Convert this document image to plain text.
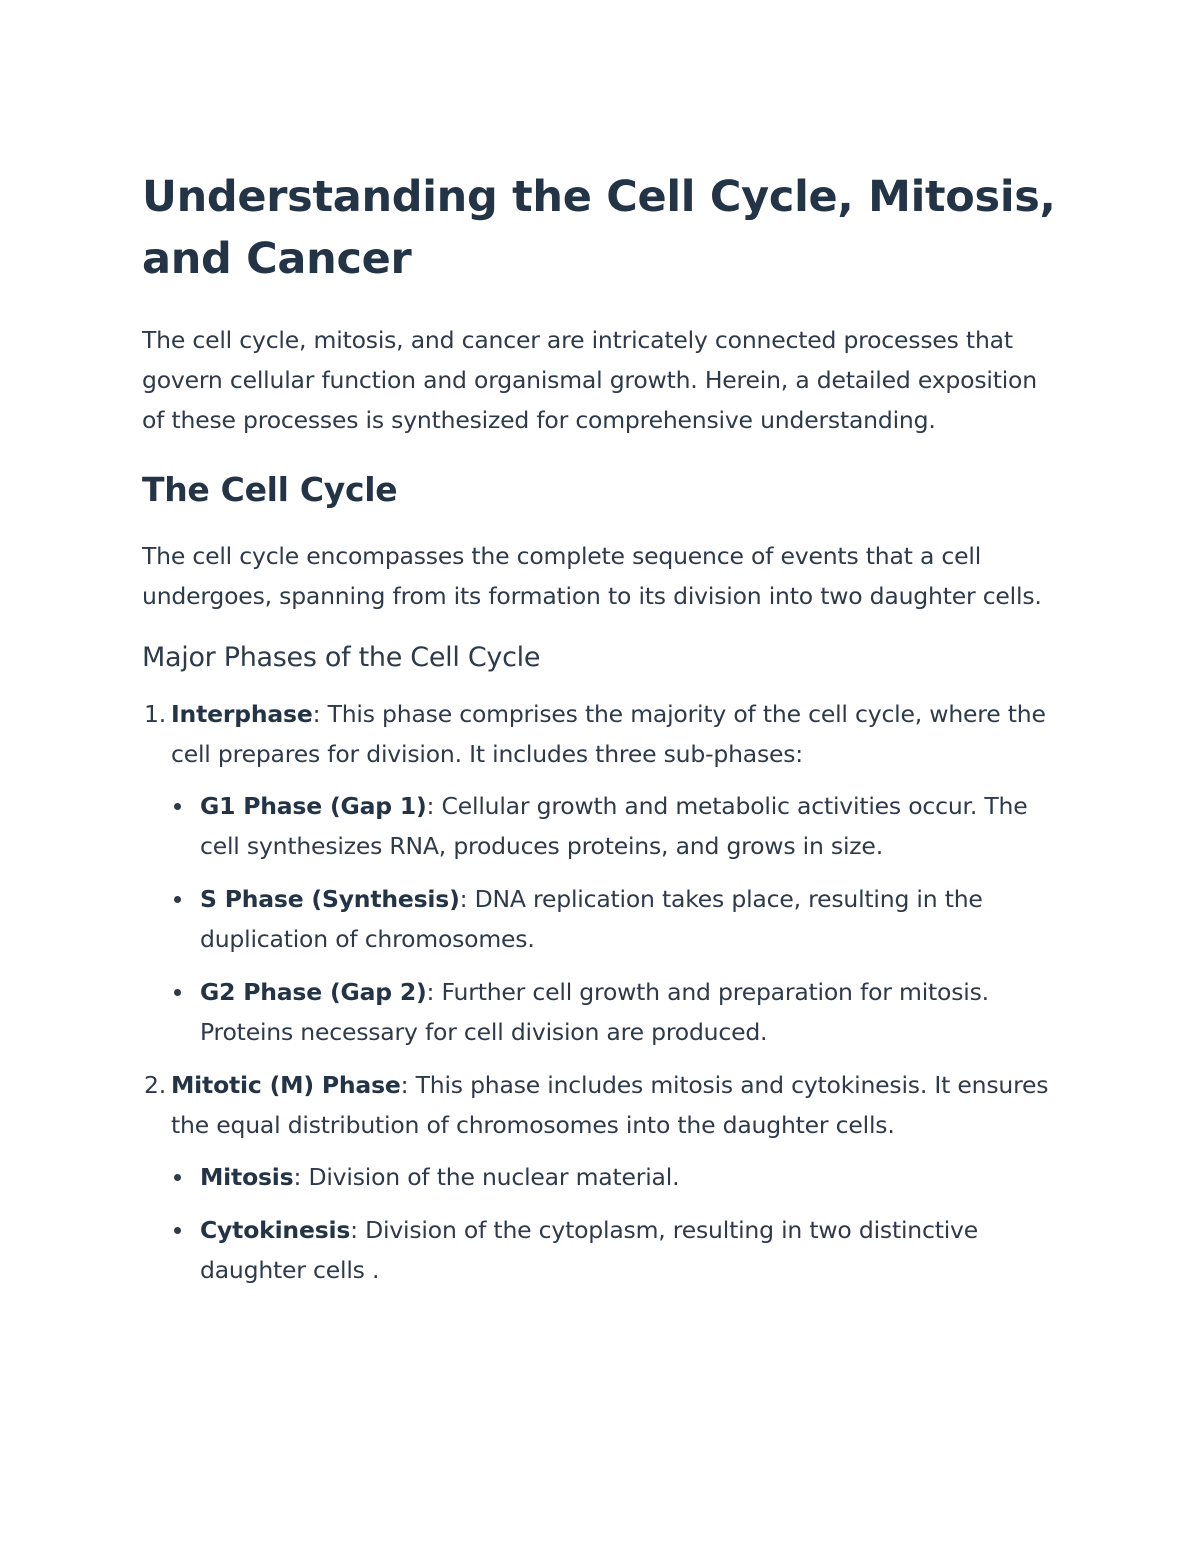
Understanding the Cell Cycle, Mitosis, and Cancer

The cell cycle, mitosis, and cancer are intricately connected processes that govern cellular function and organismal growth. Herein, a detailed exposition of these processes is synthesized for comprehensive understanding.

The Cell Cycle

The cell cycle encompasses the complete sequence of events that a cell undergoes, spanning from its formation to its division into two daughter cells.

Major Phases of the Cell Cycle
1. Interphase: This phase comprises the majority of the cell cycle, where the cell prepares for division. It includes three sub-phases:
G1 Phase (Gap 1): Cellular growth and metabolic activities occur. The cell synthesizes RNA, produces proteins, and grows in size.
S Phase (Synthesis): DNA replication takes place, resulting in the duplication of chromosomes.
G2 Phase (Gap 2): Further cell growth and preparation for mitosis. Proteins necessary for cell division are produced.
2. Mitotic (M) Phase: This phase includes mitosis and cytokinesis. It ensures the equal distribution of chromosomes into the daughter cells.
Mitosis: Division of the nuclear material.
Cytokinesis: Division of the cytoplasm, resulting in two distinctive daughter cells .
